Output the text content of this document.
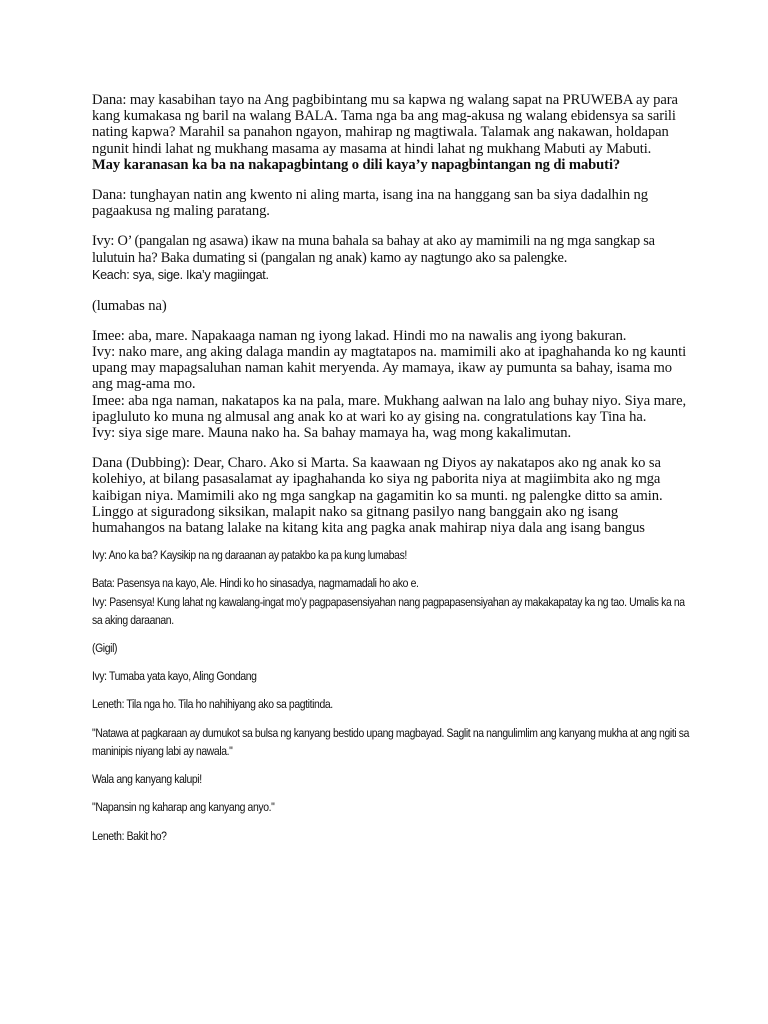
Dana: may kasabihan tayo na Ang pagbibintang mu sa kapwa ng walang sapat na PRUWEBA ay para kang kumakasa ng baril na walang BALA. Tama nga ba ang mag-akusa ng walang ebidensya sa sarili nating kapwa? Marahil sa panahon ngayon, mahirap ng magtiwala. Talamak ang nakawan, holdapan ngunit hindi lahat ng mukhang masama ay masama at hindi lahat ng mukhang Mabuti ay Mabuti.

May karanasan ka ba na nakapagbintang o dili kaya’y napagbintangan ng di mabuti?

Dana: tunghayan natin ang kwento ni aling marta, isang ina na hanggang san ba siya dadalhin ng pagaakusa ng maling paratang.

Ivy: O’ (pangalan ng asawa) ikaw na muna bahala sa bahay at ako ay mamimili na ng mga sangkap sa lulutuin ha? Baka dumating si (pangalan ng anak) kamo ay nagtungo ako sa palengke.

Keach: sya, sige. Ika’y magiingat.

(lumabas na)

Imee: aba, mare. Napakaaga naman ng iyong lakad. Hindi mo na nawalis ang iyong bakuran.

Ivy: nako mare, ang aking dalaga mandin ay magtatapos na. mamimili ako at ipaghahanda ko ng kaunti upang may mapagsaluhan naman kahit meryenda. Ay mamaya, ikaw ay pumunta sa bahay, isama mo ang mag-ama mo.

Imee: aba nga naman, nakatapos ka na pala, mare. Mukhang aalwan na lalo ang buhay niyo. Siya mare, ipagluluto ko muna ng almusal ang anak ko at wari ko ay gising na. congratulations kay Tina ha.

Ivy: siya sige mare. Mauna nako ha. Sa bahay mamaya ha, wag mong kakalimutan.

Dana (Dubbing): Dear, Charo. Ako si Marta. Sa kaawaan ng Diyos ay nakatapos ako ng anak ko sa kolehiyo, at bilang pasasalamat ay ipaghahanda ko siya ng paborita niya at magiimbita ako ng mga kaibigan niya. Mamimili ako ng mga sangkap na gagamitin ko sa munti. ng palengke ditto sa amin. Linggo at siguradong siksikan, malapit nako sa gitnang pasilyo nang banggain ako ng isang humahangos na batang lalake na kitang kita ang pagka anak mahirap niya dala ang isang bangus

Ivy: Ano ka ba? Kaysikip na ng daraanan ay patakbo ka pa kung lumabas!

Bata: Pasensya na kayo, Ale. Hindi ko ho sinasadya, nagmamadali ho ako e.

Ivy: Pasensya! Kung lahat ng kawalang-ingat mo’y pagpapasensiyahan nang pagpapasensiyahan ay makakapatay ka ng tao. Umalis ka na sa aking daraanan.

(Gigil)

Ivy: Tumaba yata kayo, Aling Gondang

Leneth: Tila nga ho. Tila ho nahihiyang ako sa pagtitinda.

"Natawa at pagkaraan ay dumukot sa bulsa ng kanyang bestido upang magbayad. Saglit na nangulimlim ang kanyang mukha at ang ngiti sa maninipis niyang labi ay nawala."

Wala ang kanyang kalupi!

"Napansin ng kaharap ang kanyang anyo."

Leneth: Bakit ho?
